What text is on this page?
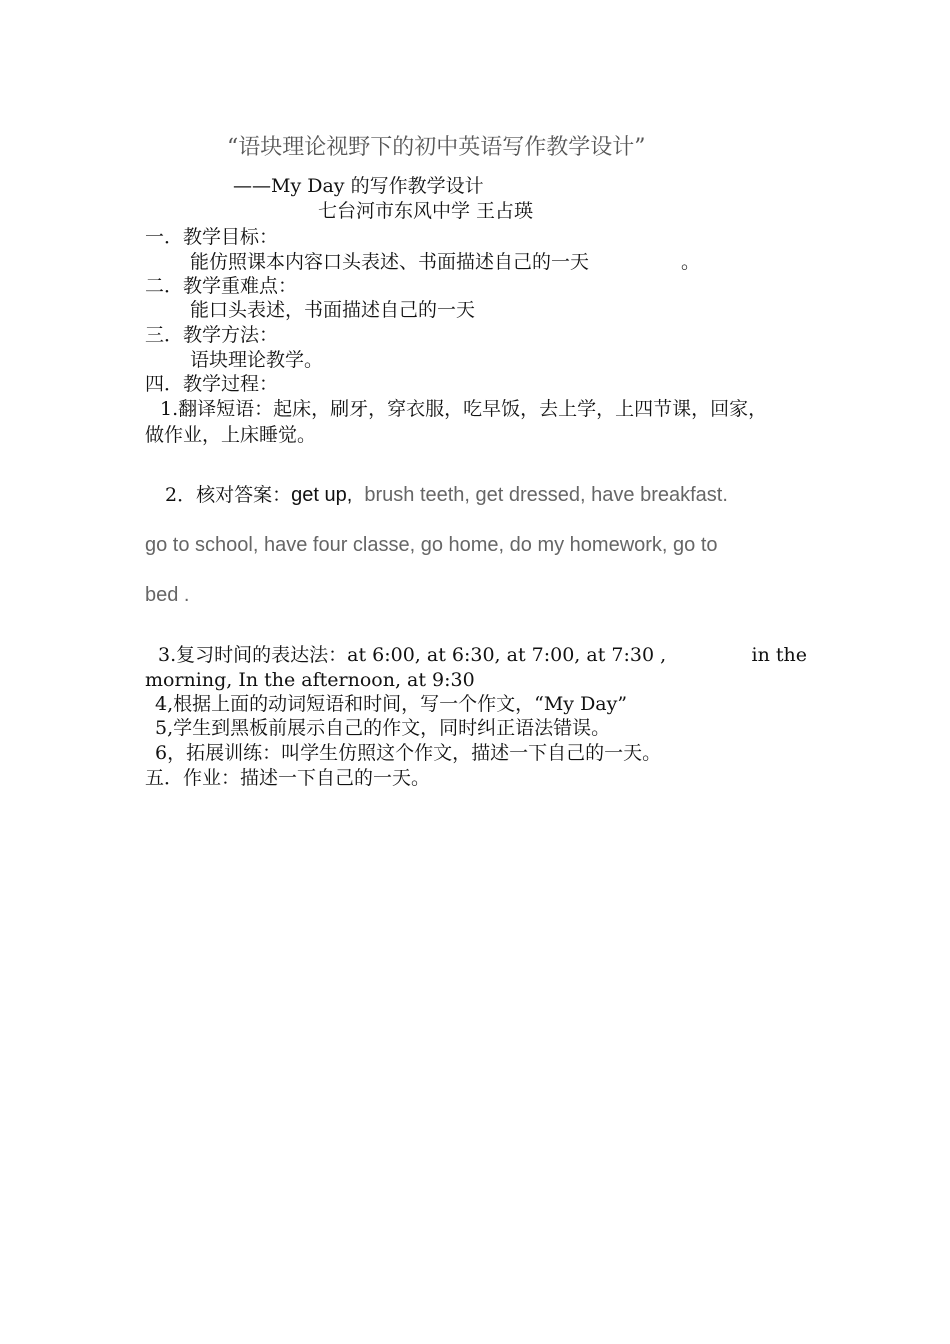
“语块理论视野下的初中英语写作教学设计”
——My Day 的写作教学设计
七台河市东风中学 王占瑛
一．教学目标：
能仿照课本内容口头表述、书面描述自己的一天	。
二．教学重难点：
能口头表述，书面描述自己的一天
三．教学方法：
语块理论教学。
四．教学过程：
1.翻译短语：起床，刷牙，穿衣服，吃早饭，去上学，上四节课，回家，
做作业，上床睡觉。
2．核对答案：get up, brush teeth, get dressed, have breakfast.
go to school, have four classe, go home, do my homework, go to
bed .
3.复习时间的表达法：at 6:00, at 6:30, at 7:00, at 7:30 ,	in the
morning, In the afternoon, at 9:30
4,根据上面的动词短语和时间，写一个作文，“My Day”
5,学生到黑板前展示自己的作文，同时纠正语法错误。
6，拓展训练：叫学生仿照这个作文，描述一下自己的一天。
五．作业：描述一下自己的一天。
